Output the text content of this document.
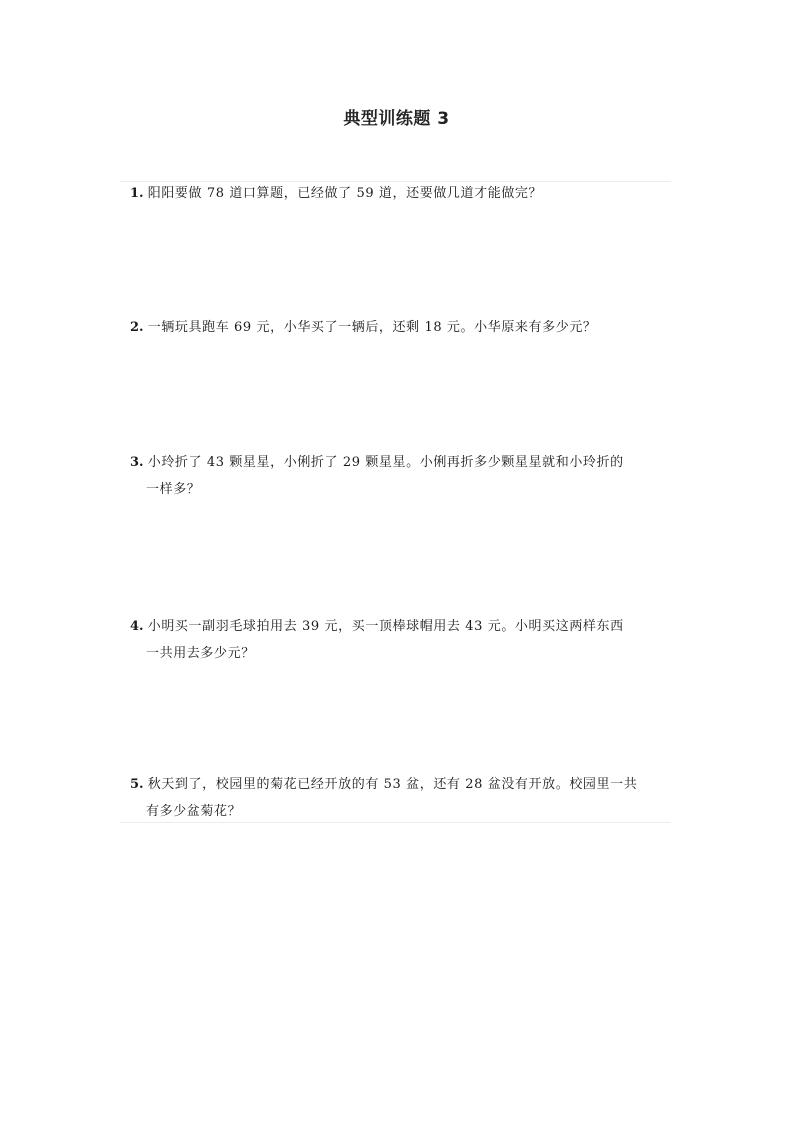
典型训练题 3
1. 阳阳要做 78 道口算题，已经做了 59 道，还要做几道才能做完？
2. 一辆玩具跑车 69 元，小华买了一辆后，还剩 18 元。小华原来有多少元？
3. 小玲折了 43 颗星星，小俐折了 29 颗星星。小俐再折多少颗星星就和小玲折的
一样多？
4. 小明买一副羽毛球拍用去 39 元，买一顶棒球帽用去 43 元。小明买这两样东西
一共用去多少元？
5. 秋天到了，校园里的菊花已经开放的有 53 盆，还有 28 盆没有开放。校园里一共
有多少盆菊花？
